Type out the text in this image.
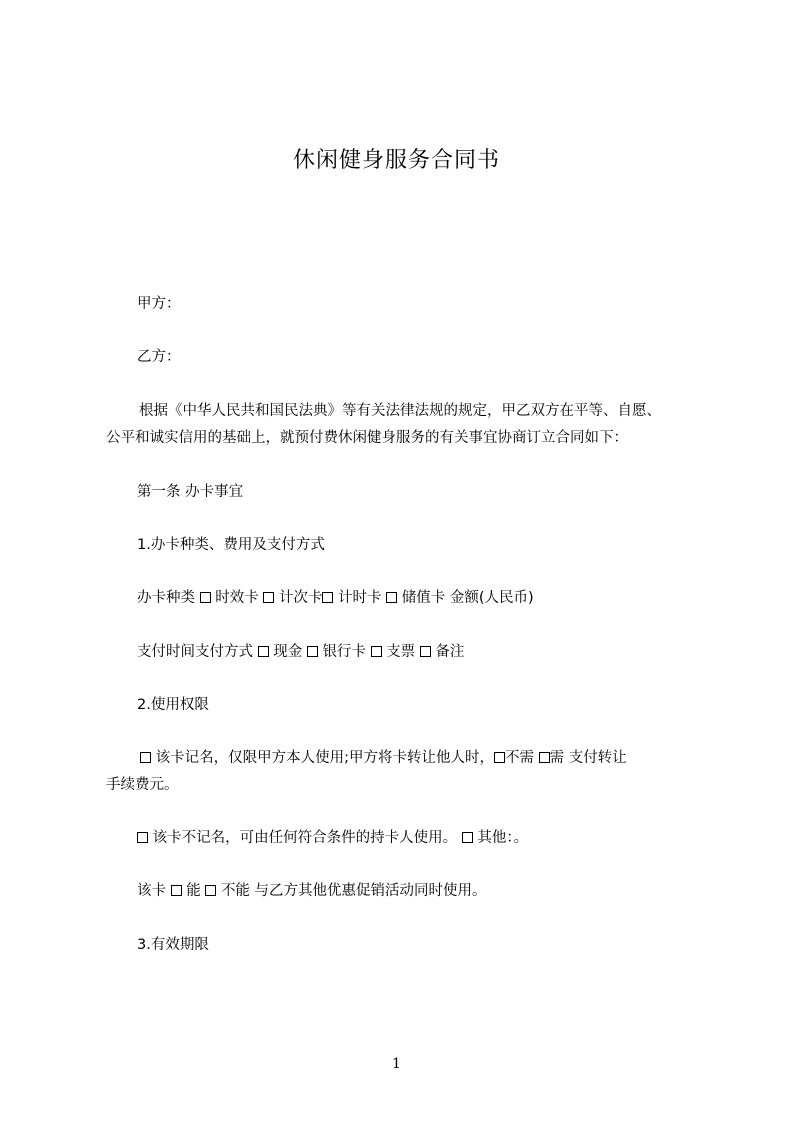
休闲健身服务合同书
甲方：
乙方：
根据《中华人民共和国民法典》等有关法律法规的规定，甲乙双方在平等、自愿、
公平和诚实信用的基础上，就预付费休闲健身服务的有关事宜协商订立合同如下：
第一条 办卡事宜
1.办卡种类、费用及支付方式
办卡种类 时效卡 计次卡 计时卡 储值卡 金额(人民币)
支付时间支付方式 现金 银行卡 支票 备注
2.使用权限
该卡记名，仅限甲方本人使用;甲方将卡转让他人时， 不需 需 支付转让
手续费元。
该卡不记名，可由任何符合条件的持卡人使用。 其他：。
该卡 能 不能 与乙方其他优惠促销活动同时使用。
3.有效期限
1
